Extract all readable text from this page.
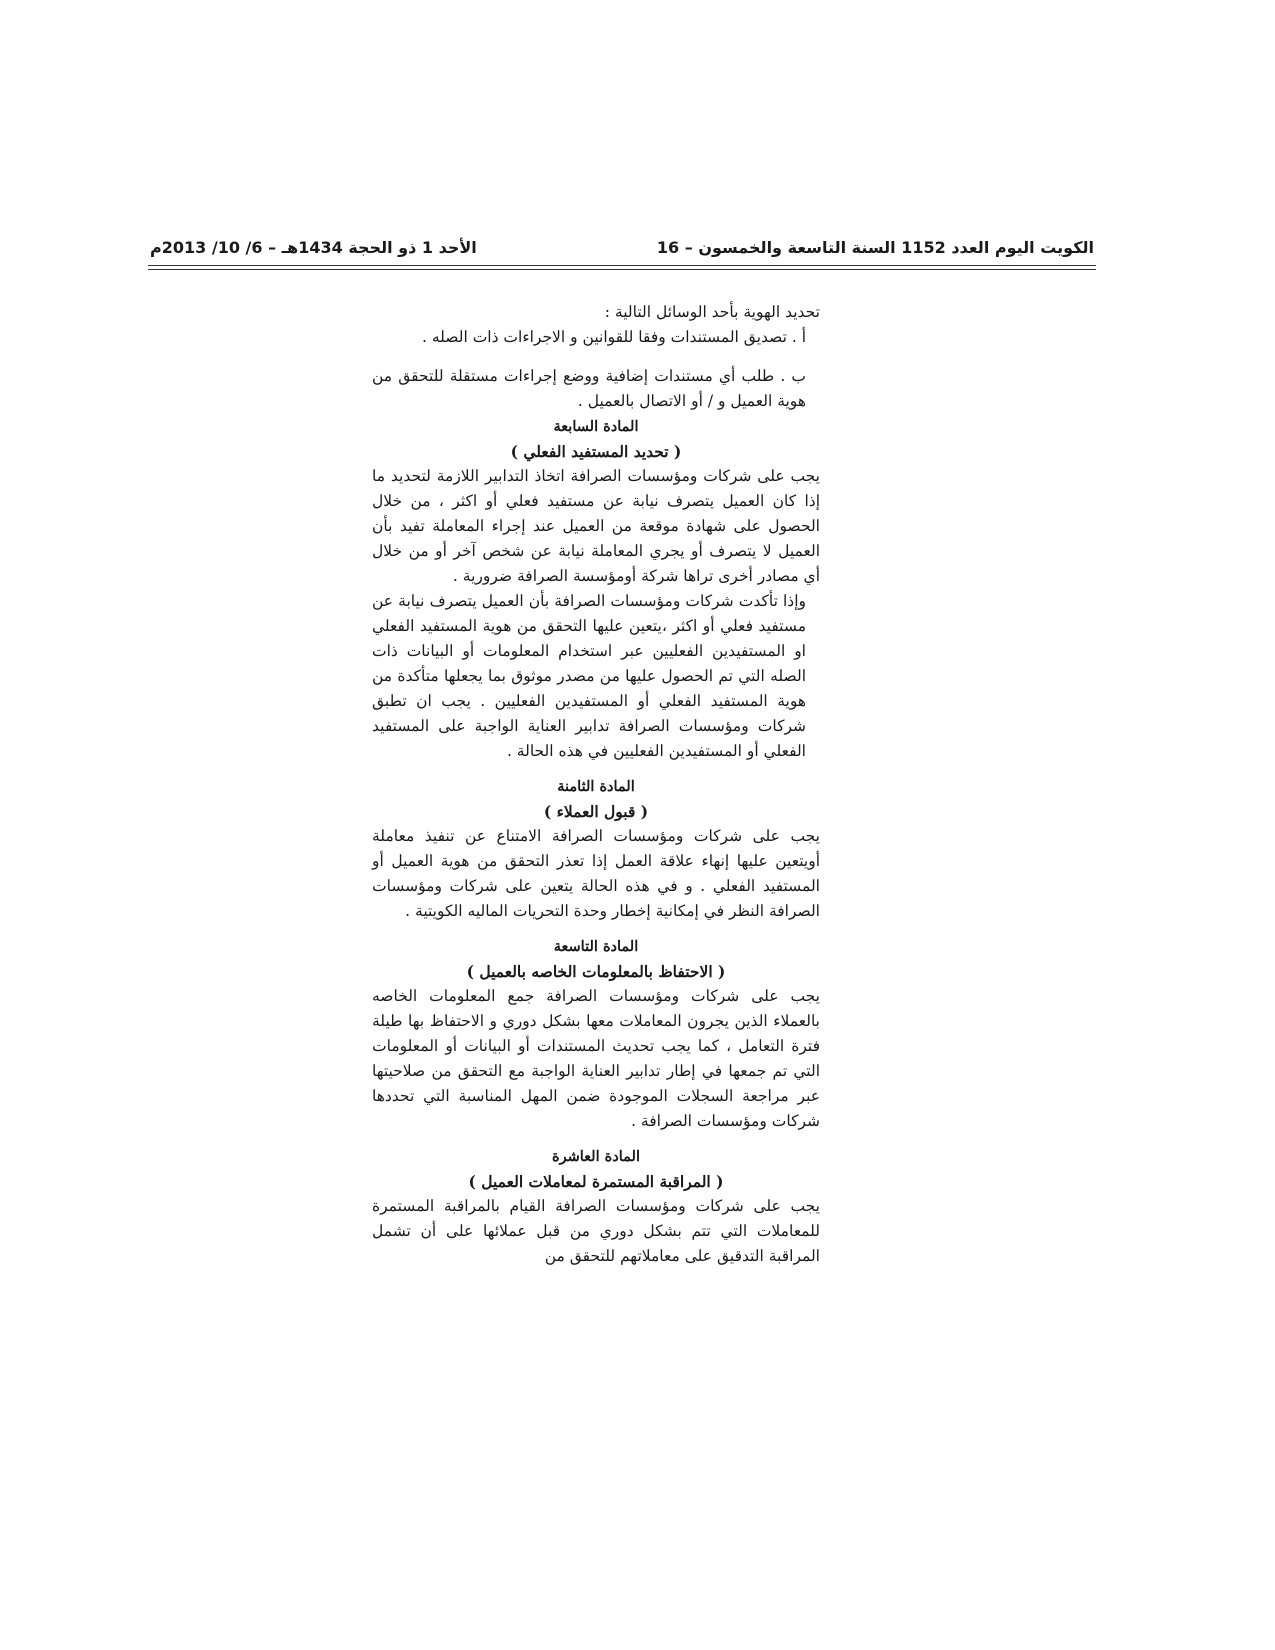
الكويت اليوم العدد 1152 السنة التاسعة والخمسون – 16
الأحد 1 ذو الحجة 1434هـ – 6/ 10/ 2013م

تحديد الهوية بأحد الوسائل التالية :

أ . تصديق المستندات وفقا للقوانين و الاجراءات ذات الصله .

ب . طلب أي مستندات إضافية ووضع إجراءات مستقلة للتحقق من هوية العميل و / أو الاتصال بالعميل .

المادة السابعة

( تحديد المستفيد الفعلي )

يجب على شركات ومؤسسات الصرافة اتخاذ التدابير اللازمة لتحديد ما إذا كان العميل يتصرف نيابة عن مستفيد فعلي أو اكثر ، من خلال الحصول على شهادة موقعة من العميل عند إجراء المعاملة تفيد بأن العميل لا يتصرف أو يجري المعاملة نيابة عن شخص آخر أو من خلال أي مصادر أخرى تراها شركة أومؤسسة الصرافة ضرورية .

وإذا تأكدت شركات ومؤسسات الصرافة بأن العميل يتصرف نيابة عن مستفيد فعلي أو اكثر ،يتعين عليها التحقق من هوية المستفيد الفعلي او المستفيدين الفعليين عبر استخدام المعلومات أو البيانات ذات الصله التي تم الحصول عليها من مصدر موثوق بما يجعلها متأكدة من هوية المستفيد الفعلي أو المستفيدين الفعليين . يجب ان تطبق شركات ومؤسسات الصرافة تدابير العناية الواجبة على المستفيد الفعلي أو المستفيدين الفعليين في هذه الحالة .

المادة الثامنة

( قبول العملاء )

يجب على شركات ومؤسسات الصرافة الامتناع عن تنفيذ معاملة أويتعين عليها إنهاء علاقة العمل إذا تعذر التحقق من هوية العميل أو المستفيد الفعلي . و في هذه الحالة يتعين على شركات ومؤسسات الصرافة النظر في إمكانية إخطار وحدة التحريات الماليه الكويتية .

المادة التاسعة

( الاحتفاظ بالمعلومات الخاصه بالعميل )

يجب على شركات ومؤسسات الصرافة جمع المعلومات الخاصه بالعملاء الذين يجرون المعاملات معها بشكل دوري و الاحتفاظ بها طيلة فترة التعامل ، كما يجب تحديث المستندات أو البيانات أو المعلومات التي تم جمعها في إطار تدابير العناية الواجبة مع التحقق من صلاحيتها عبر مراجعة السجلات الموجودة ضمن المهل المناسبة التي تحددها شركات ومؤسسات الصرافة .

المادة العاشرة

( المراقبة المستمرة لمعاملات العميل )

يجب على شركات ومؤسسات الصرافة القيام بالمراقبة المستمرة للمعاملات التي تتم بشكل دوري من قبل عملائها على أن تشمل المراقبة التدقيق على معاملاتهم للتحقق من
